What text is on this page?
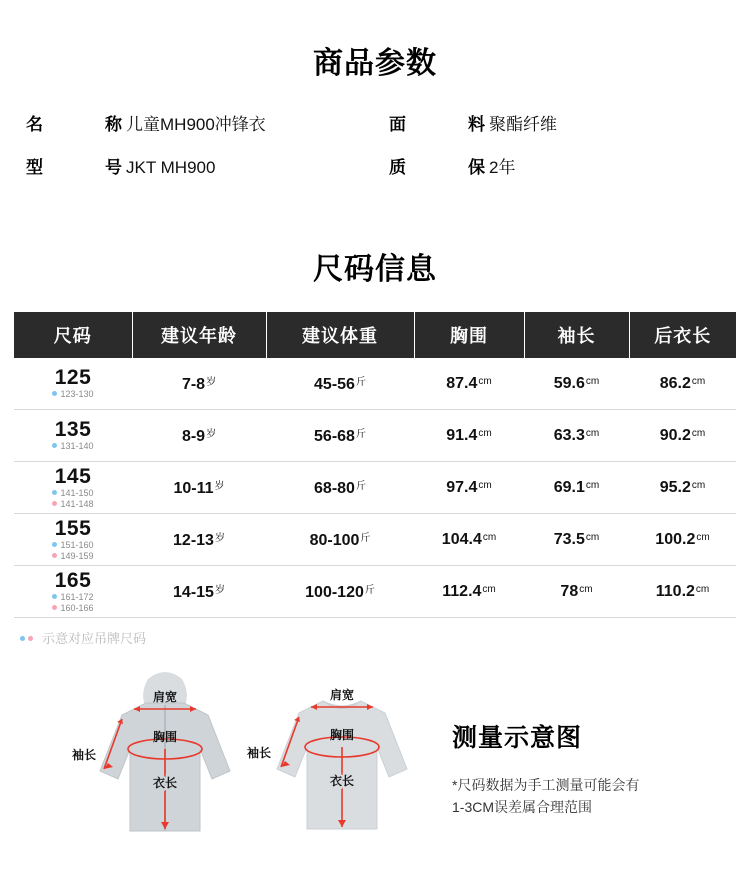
商品参数
名	称 儿童MH900冲锋衣	面	料 聚酯纤维
型	号 JKT MH900	质	保 2年
尺码信息
尺码	建议年龄	建议体重	胸围	袖长	后衣长

125
123-130	$7-8^岁$	$45-56^斤$	$87.4^{cm}$	$59.6^{cm}$	$86.2^{cm}$

135
131-140	$8-9^岁$	$56-68^斤$	$91.4^{cm}$	$63.3^{cm}$	$90.2^{cm}$

145
141-150
141-148	$10-11^岁$	$68-80^斤$	$97.4^{cm}$	$69.1^{cm}$	$95.2^{cm}$

155
151-160
149-159	$12-13^岁$	$80-100^斤$	$104.4^{cm}$	$73.5^{cm}$	$100.2^{cm}$

165
161-172
160-166	$14-15^岁$	$100-120^斤$	$112.4^{cm}$	$78^{cm}$	$110.2^{cm}$
示意对应吊牌尺码
肩宽
胸围
袖长
衣长
肩宽
胸围
袖长
衣长
测量示意图
*尺码数据为手工测量可能会有
1-3CM误差属合理范围
